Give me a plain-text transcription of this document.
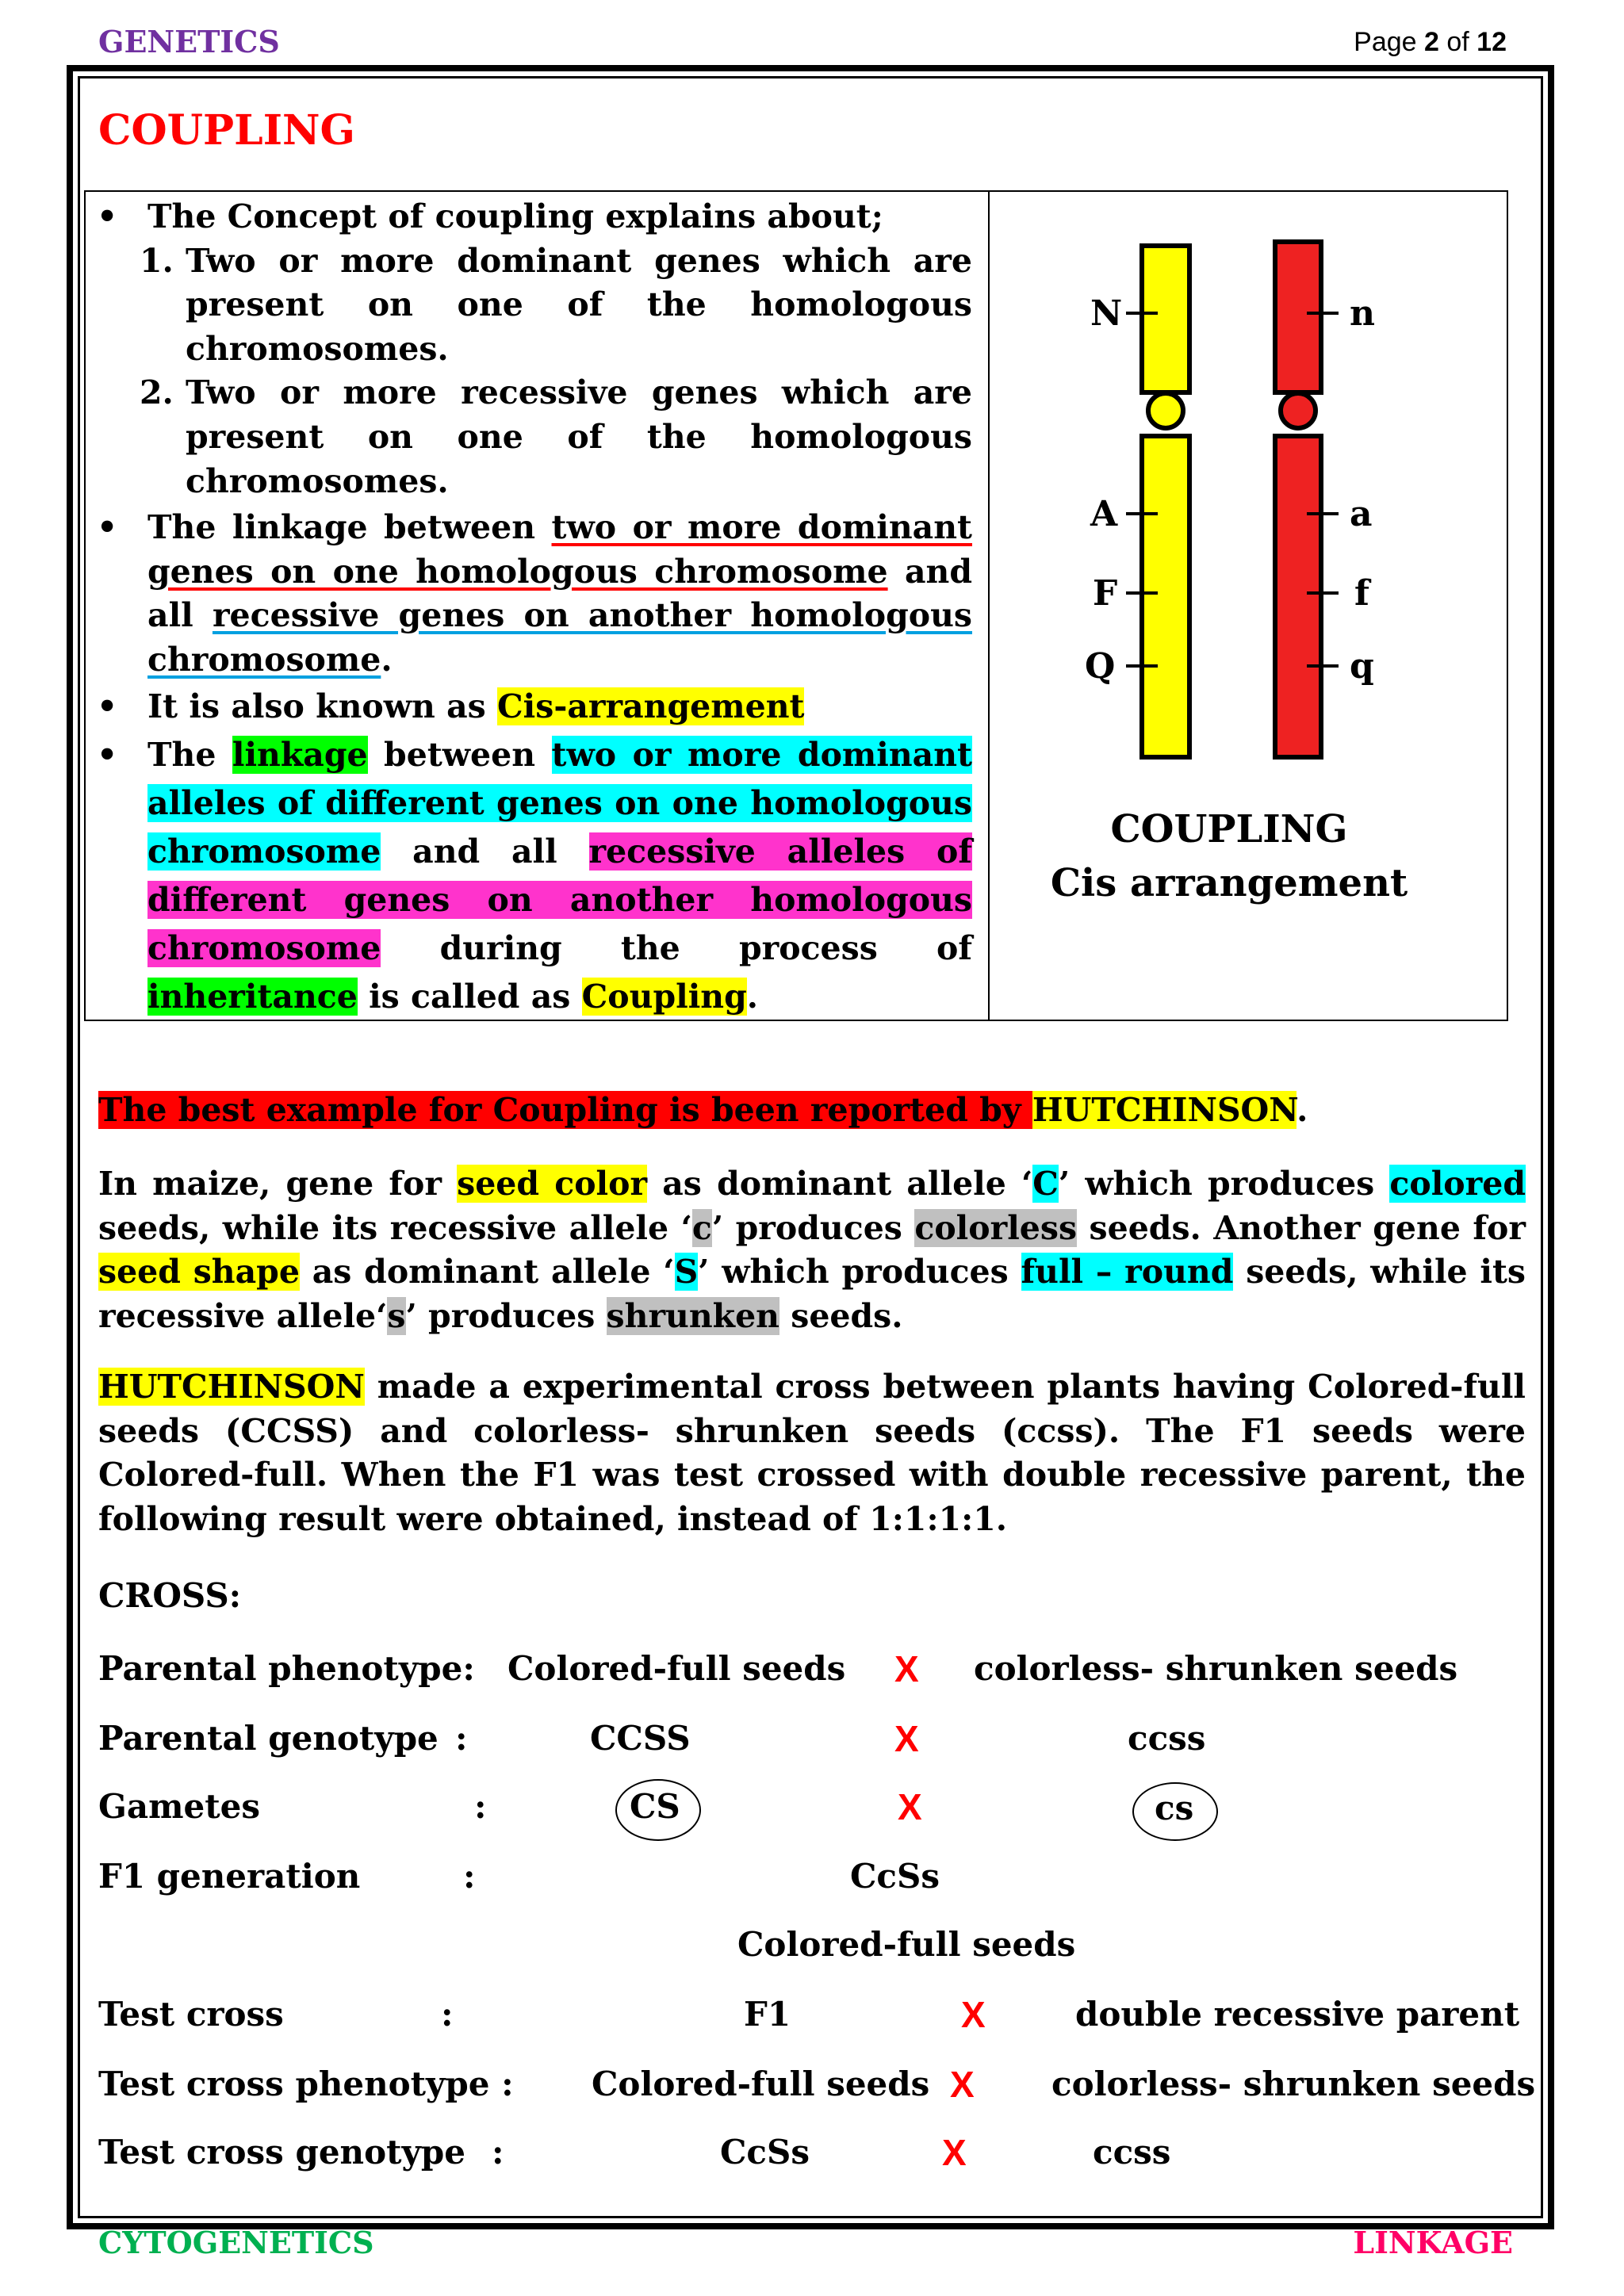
GENETICS	Page 2 of 12
COUPLING
• The Concept of coupling explains about;
1. Two or more dominant genes which are present on one of the homologous chromosomes.
2. Two or more recessive genes which are present on one of the homologous chromosomes.
• The linkage between two or more dominant genes on one homologous chromosome and all recessive genes on another homologous chromosome.
• It is also known as Cis-arrangement
• The linkage between two or more dominant alleles of different genes on one homologous chromosome and all recessive alleles of different genes on another homologous chromosome during the process of inheritance is called as Coupling.
N
A
F
Q
n
a
f
q
COUPLING
Cis arrangement
The best example for Coupling is been reported by HUTCHINSON.
In maize, gene for seed color as dominant allele ‘C’ which produces colored seeds, while its recessive allele ‘c’ produces colorless seeds. Another gene for seed shape as dominant allele ‘S’ which produces full – round seeds, while its recessive allele‘s’ produces shrunken seeds.
HUTCHINSON made a experimental cross between plants having Colored-full seeds (CCSS) and colorless- shrunken seeds (ccss). The F1 seeds were Colored-full. When the F1 was test crossed with double recessive parent, the following result were obtained, instead of 1:1:1:1.
CROSS:
Parental phenotype: Colored-full seeds X colorless- shrunken seeds
Parental genotype :	CCSS	X	ccss
Gametes	:	CS	X	cs
F1 generation	:	CcSs
Colored-full seeds
Test cross	:	F1	X	double recessive parent
Test cross phenotype : Colored-full seeds X colorless- shrunken seeds
Test cross genotype :	CcSs	X	ccss
CYTOGENETICS	LINKAGE
